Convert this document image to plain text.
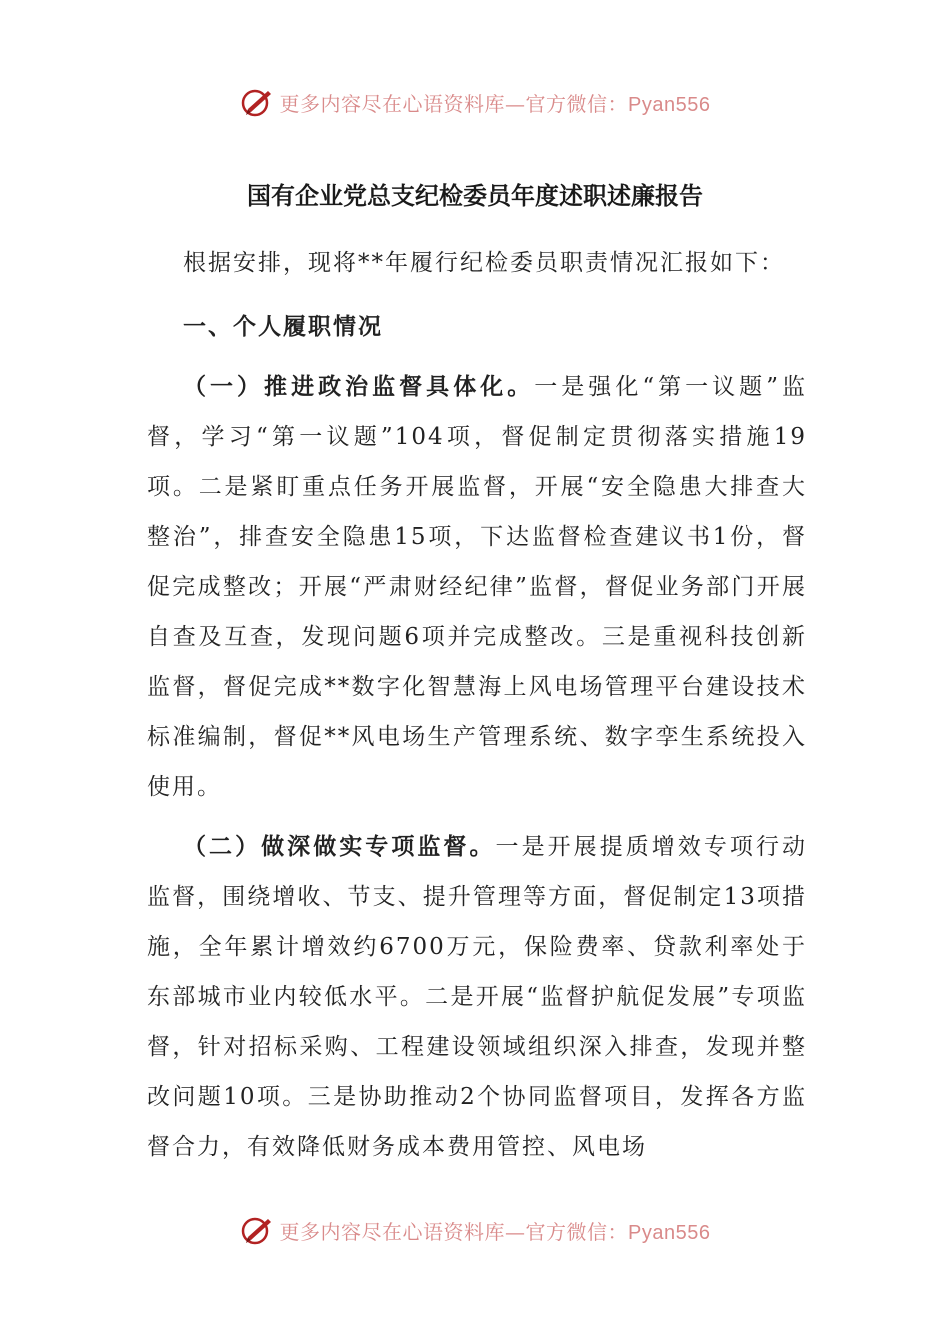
更多内容尽在心语资料库—官方微信：Pyan556
国有企业党总支纪检委员年度述职述廉报告

根据安排，现将**年履行纪检委员职责情况汇报如下：

一、个人履职情况

（一）推进政治监督具体化。一是强化“第一议题”监督，学习“第一议题”104项，督促制定贯彻落实措施19项。二是紧盯重点任务开展监督，开展“安全隐患大排查大整治”，排查安全隐患15项，下达监督检查建议书1份，督促完成整改；开展“严肃财经纪律”监督，督促业务部门开展自查及互查，发现问题6项并完成整改。三是重视科技创新监督，督促完成**数字化智慧海上风电场管理平台建设技术标准编制，督促**风电场生产管理系统、数字孪生系统投入使用。

（二）做深做实专项监督。一是开展提质增效专项行动监督，围绕增收、节支、提升管理等方面，督促制定13项措施，全年累计增效约6700万元，保险费率、贷款利率处于东部城市业内较低水平。二是开展“监督护航促发展”专项监督，针对招标采购、工程建设领域组织深入排查，发现并整改问题10项。三是协助推动2个协同监督项目，发挥各方监督合力，有效降低财务成本费用管控、风电场

更多内容尽在心语资料库—官方微信：Pyan556
